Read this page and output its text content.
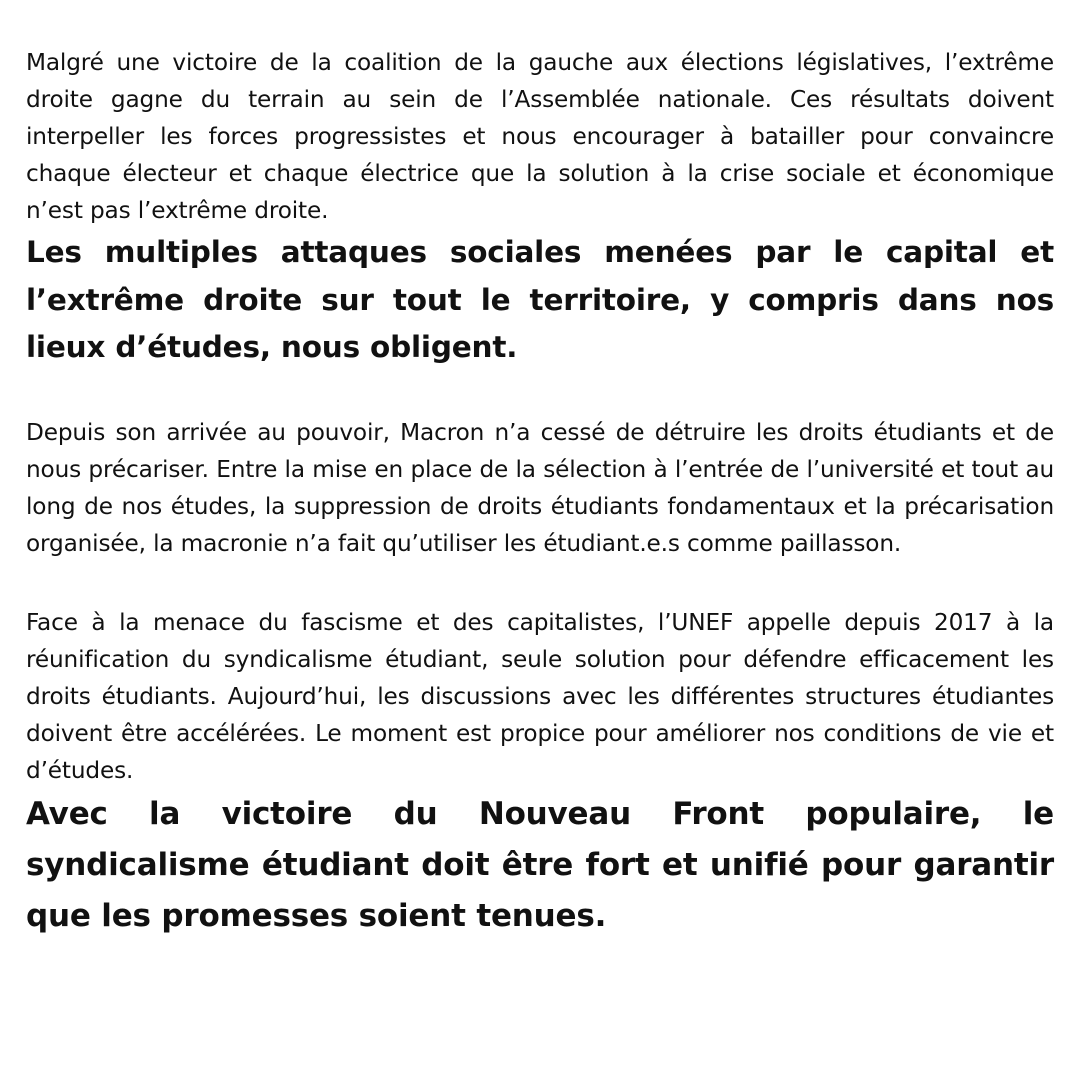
Malgré une victoire de la coalition de la gauche aux élections législatives, l’extrême droite gagne du terrain au sein de l’Assemblée nationale. Ces résultats doivent interpeller les forces progressistes et nous encourager à batailler pour convaincre chaque électeur et chaque électrice que la solution à la crise sociale et économique n’est pas l’extrême droite.

Les multiples attaques sociales menées par le capital et l’extrême droite sur tout le territoire, y compris dans nos lieux d’études, nous obligent.

Depuis son arrivée au pouvoir, Macron n’a cessé de détruire les droits étudiants et de nous précariser. Entre la mise en place de la sélection à l’entrée de l’université et tout au long de nos études, la suppression de droits étudiants fondamentaux et la précarisation organisée, la macronie n’a fait qu’utiliser les étudiant.e.s comme paillasson.

Face à la menace du fascisme et des capitalistes, l’UNEF appelle depuis 2017 à la réunification du syndicalisme étudiant, seule solution pour défendre efficacement les droits étudiants. Aujourd’hui, les discussions avec les différentes structures étudiantes doivent être accélérées. Le moment est propice pour améliorer nos conditions de vie et d’études.

Avec la victoire du Nouveau Front populaire, le syndicalisme étudiant doit être fort et unifié pour garantir que les promesses soient tenues.
